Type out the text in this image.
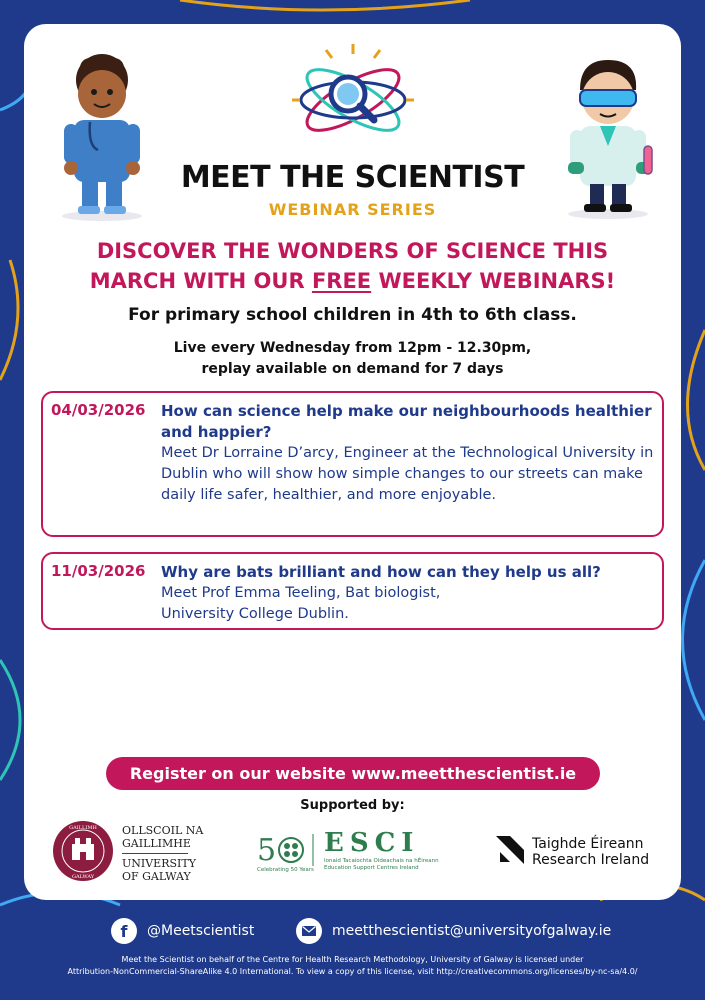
MEET THE SCIENTIST
WEBINAR SERIES
DISCOVER THE WONDERS OF SCIENCE THIS
MARCH WITH OUR FREE WEEKLY WEBINARS!
For primary school children in 4th to 6th class.
Live every Wednesday from 12pm - 12.30pm,
replay available on demand for 7 days
04/03/2026 How can science help make our neighbourhoods healthier and happier?
Meet Dr Lorraine D’arcy, Engineer at the Technological University in Dublin who will show how simple changes to our streets can make daily life safer, healthier, and more enjoyable.
11/03/2026 Why are bats brilliant and how can they help us all?
Meet Prof Emma Teeling, Bat biologist,
University College Dublin.
Register on our website www.meetthescientist.ie
Supported by:
GAILLIMH
GALWAY
OLLSCOIL NA
GAILLIMHE
UNIVERSITY
OF GALWAY
5
Celebrating 50 Years
ESCI
Ionaid Tacaíochta Oideachais na hÉireann
Education Support Centres Ireland
Taighde Éireann
Research Ireland
f	@Meetscientist	meetthescientist@universityofgalway.ie
Meet the Scientist on behalf of the Centre for Health Research Methodology, University of Galway is licensed under
Attribution-NonCommercial-ShareAlike 4.0 International. To view a copy of this license, visit http://creativecommons.org/licenses/by-nc-sa/4.0/
